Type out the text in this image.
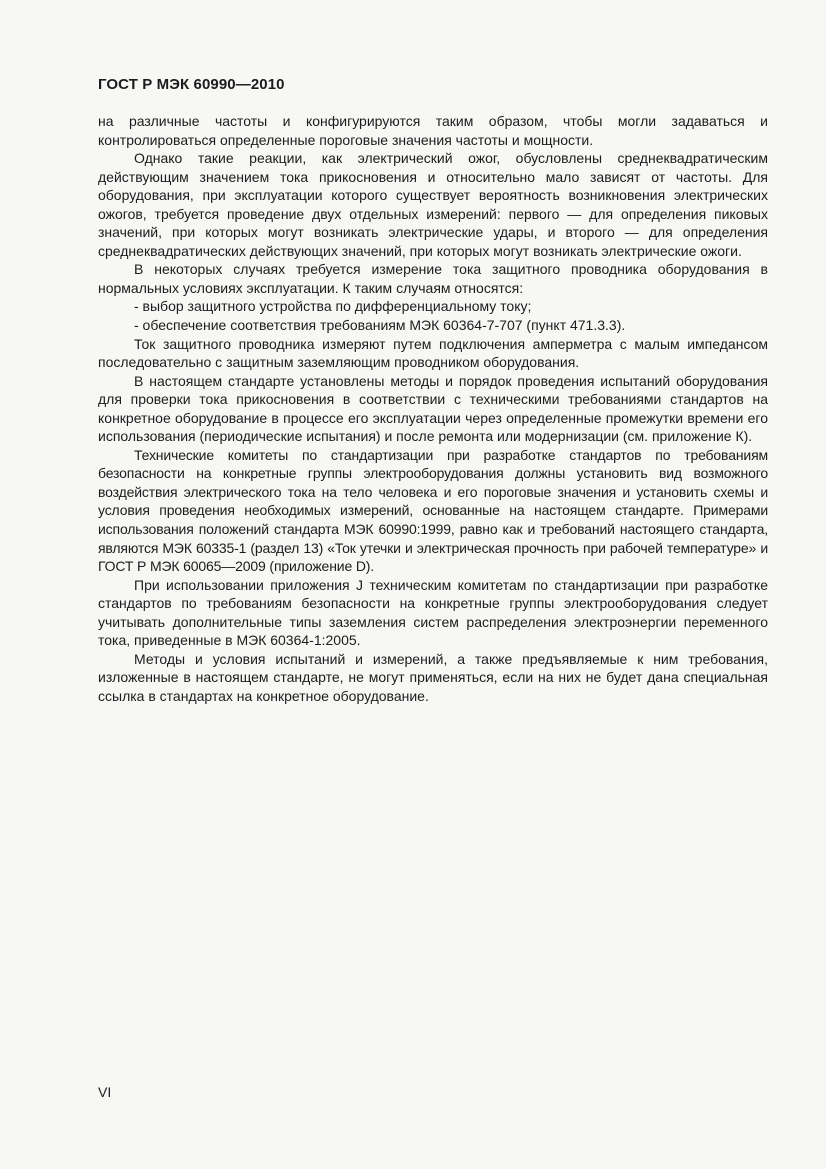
ГОСТ Р МЭК 60990—2010

на различные частоты и конфигурируются таким образом, чтобы могли задаваться и контролироваться определенные пороговые значения частоты и мощности.

Однако такие реакции, как электрический ожог, обусловлены среднеквадратическим действующим значением тока прикосновения и относительно мало зависят от частоты. Для оборудования, при эксплуатации которого существует вероятность возникновения электрических ожогов, требуется проведение двух отдельных измерений: первого — для определения пиковых значений, при которых могут возникать электрические удары, и второго — для определения среднеквадратических действующих значений, при которых могут возникать электрические ожоги.

В некоторых случаях требуется измерение тока защитного проводника оборудования в нормальных условиях эксплуатации. К таким случаям относятся:

- выбор защитного устройства по дифференциальному току;

- обеспечение соответствия требованиям МЭК 60364-7-707 (пункт 471.3.3).

Ток защитного проводника измеряют путем подключения амперметра с малым импедансом последовательно с защитным заземляющим проводником оборудования.

В настоящем стандарте установлены методы и порядок проведения испытаний оборудования для проверки тока прикосновения в соответствии с техническими требованиями стандартов на конкретное оборудование в процессе его эксплуатации через определенные промежутки времени его использования (периодические испытания) и после ремонта или модернизации (см. приложение К).

Технические комитеты по стандартизации при разработке стандартов по требованиям безопасности на конкретные группы электрооборудования должны установить вид возможного воздействия электрического тока на тело человека и его пороговые значения и установить схемы и условия проведения необходимых измерений, основанные на настоящем стандарте. Примерами использования положений стандарта МЭК 60990:1999, равно как и требований настоящего стандарта, являются МЭК 60335-1 (раздел 13) «Ток утечки и электрическая прочность при рабочей температуре» и ГОСТ Р МЭК 60065—2009 (приложение D).

При использовании приложения J техническим комитетам по стандартизации при разработке стандартов по требованиям безопасности на конкретные группы электрооборудования следует учитывать дополнительные типы заземления систем распределения электроэнергии переменного тока, приведенные в МЭК 60364-1:2005.

Методы и условия испытаний и измерений, а также предъявляемые к ним требования, изложенные в настоящем стандарте, не могут применяться, если на них не будет дана специальная ссылка в стандартах на конкретное оборудование.

VI
